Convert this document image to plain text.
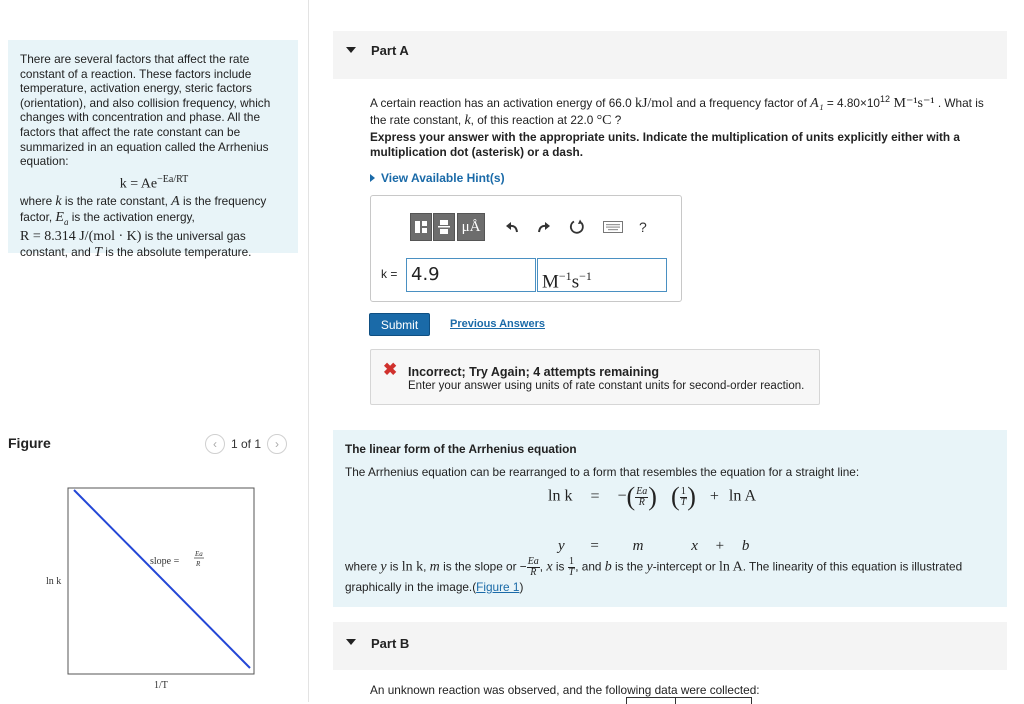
There are several factors that affect the rate constant of a reaction. These factors include temperature, activation energy, steric factors (orientation), and also collision frequency, which changes with concentration and phase. All the factors that affect the rate constant can be summarized in an equation called the Arrhenius equation:

$k = Ae^{-Ea/RT}$

where k is the rate constant, A is the frequency factor, $E_a$ is the activation energy,
R = 8.314 J/(mol · K) is the universal gas constant, and T is the absolute temperature.

Figure	‹ 1 of 1 ›
ln k
1/T
slope =
Ea
R
Part A
A certain reaction has an activation energy of 66.0 kJ/mol and a frequency factor of $A_1 = 4.80\times 10^{12}$ M⁻¹s⁻¹ . What is the rate constant, k, of this reaction at 22.0 °C ?
Express your answer with the appropriate units. Indicate the multiplication of units explicitly either with a multiplication dot (asterisk) or a dash.
View Available Hint(s)
μÅ	?
k = 4.9	$M^{-1}s^{-1}$
Submit	Previous Answers
✖ Incorrect; Try Again; 4 attempts remaining
Enter your answer using units of rate constant units for second-order reaction.
The linear form of the Arrhenius equation
The Arrhenius equation can be rearranged to a form that resembles the equation for a straight line:
ln k = −( $\frac{Ea}{R}$ ) ( $\frac{1}{T}$ ) + ln A
y = m	x + b
where y is ln k, m is the slope or − $\frac{Ea}{R}$ , x is $\frac{1}{T}$ , and b is the y-intercept or ln A. The linearity of this equation is illustrated graphically in the image.(Figure 1)
Part B
An unknown reaction was observed, and the following data were collected:
